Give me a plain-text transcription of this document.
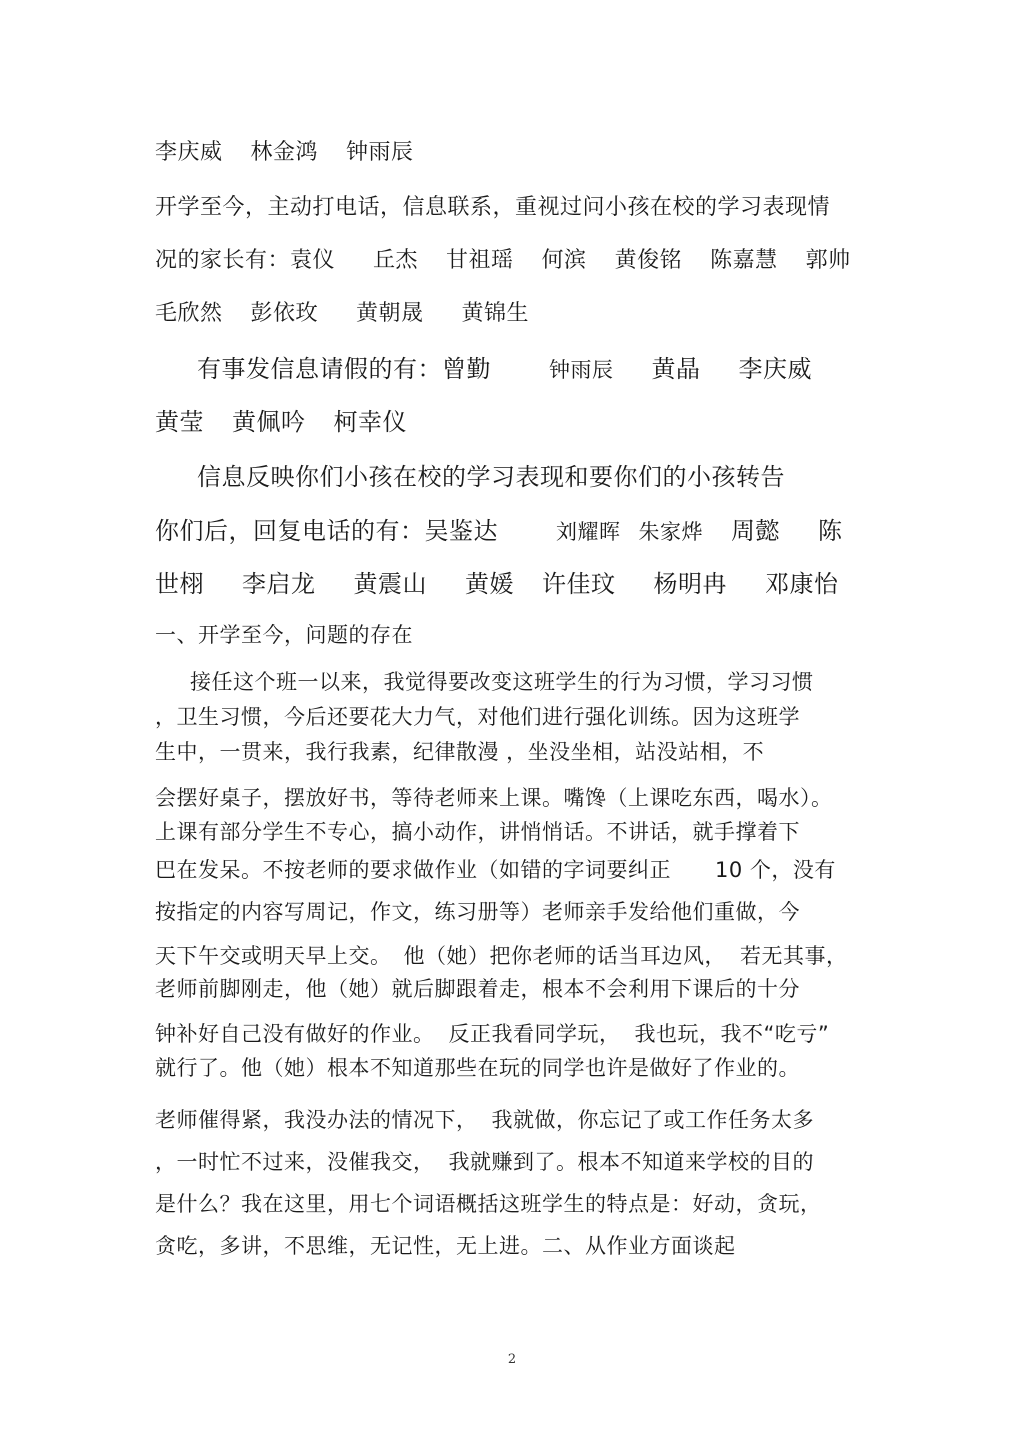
李庆威 林金鸿 钟雨辰
开学至今，主动打电话，信息联系，重视过问小孩在校的学习表现情
况的家长有：袁仪 丘杰 甘祖瑶 何滨 黄俊铭 陈嘉慧 郭帅
毛欣然 彭依玫 黄朝晟 黄锦生
有事发信息请假的有：曾勤	钟雨辰 黄晶 李庆威
黄莹 黄佩吟 柯幸仪
信息反映你们小孩在校的学习表现和要你们的小孩转告
你们后，回复电话的有：吴鉴达	刘耀晖 朱家烨 周懿 陈
世栩 李启龙 黄震山 黄媛 许佳玟 杨明冉 邓康怡
一、开学至今，问题的存在
接任这个班一以来，我觉得要改变这班学生的行为习惯，学习习惯
，卫生习惯，今后还要花大力气，对他们进行强化训练。因为这班学
生中，一贯来，我行我素，纪律散漫 ，坐没坐相，站没站相，不
会摆好桌子，摆放好书，等待老师来上课。嘴馋（上课吃东西，喝水）。
上课有部分学生不专心，搞小动作，讲悄悄话。不讲话，就手撑着下
巴在发呆。不按老师的要求做作业（如错的字词要纠正 10 个，没有
按指定的内容写周记，作文，练习册等）老师亲手发给他们重做，今
天下午交或明天早上交。 他（她）把你老师的话当耳边风， 若无其事，
老师前脚刚走，他（她）就后脚跟着走，根本不会利用下课后的十分
钟补好自己没有做好的作业。 反正我看同学玩， 我也玩，我不“吃亏”
就行了。他（她）根本不知道那些在玩的同学也许是做好了作业的。
老师催得紧，我没办法的情况下， 我就做，你忘记了或工作任务太多
，一时忙不过来，没催我交， 我就赚到了。根本不知道来学校的目的
是什么？我在这里，用七个词语概括这班学生的特点是：好动，贪玩，
贪吃，多讲，不思维，无记性，无上进。二、从作业方面谈起
2
